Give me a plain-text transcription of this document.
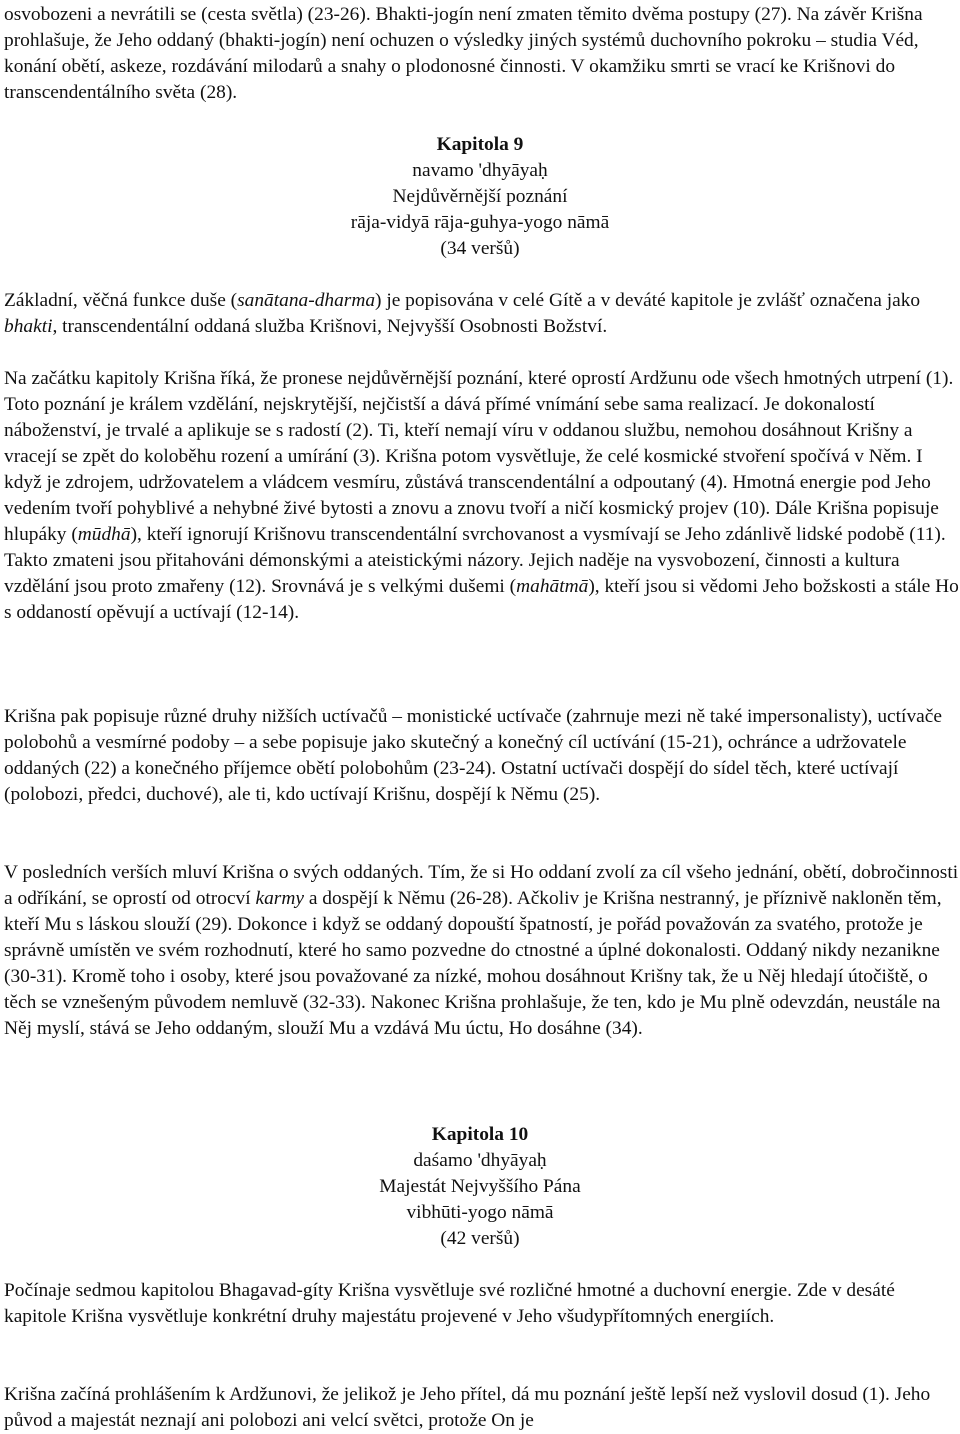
osvobozeni a nevrátili se (cesta světla) (23-26). Bhakti-jogín není zmaten těmito dvěma postupy (27). Na závěr Krišna prohlašuje, že Jeho oddaný (bhakti-jogín) není ochuzen o výsledky jiných systémů duchovního pokroku – studia Véd, konání obětí, askeze, rozdávání milodarů a snahy o plodonosné činnosti. V okamžiku smrti se vrací ke Krišnovi do transcendentálního světa (28).

Kapitola 9
navamo 'dhyāyaḥ
Nejdůvěrnější poznání
rāja-vidyā rāja-guhya-yogo nāmā
(34 veršů)

Základní, věčná funkce duše (sanātana-dharma) je popisována v celé Gítě a v deváté kapitole je zvlášť označena jako bhakti, transcendentální oddaná služba Krišnovi, Nejvyšší Osobnosti Božství.

Na začátku kapitoly Krišna říká, že pronese nejdůvěrnější poznání, které oprostí Ardžunu ode všech hmotných utrpení (1). Toto poznání je králem vzdělání, nejskrytější, nejčistší a dává přímé vnímání sebe sama realizací. Je dokonalostí náboženství, je trvalé a aplikuje se s radostí (2). Ti, kteří nemají víru v oddanou službu, nemohou dosáhnout Krišny a vracejí se zpět do koloběhu rození a umírání (3). Krišna potom vysvětluje, že celé kosmické stvoření spočívá v Něm. I když je zdrojem, udržovatelem a vládcem vesmíru, zůstává transcendentální a odpoutaný (4). Hmotná energie pod Jeho vedením tvoří pohyblivé a nehybné živé bytosti a znovu a znovu tvoří a ničí kosmický projev (10). Dále Krišna popisuje hlupáky (mūdhā), kteří ignorují Krišnovu transcendentální svrchovanost a vysmívají se Jeho zdánlivě lidské podobě (11). Takto zmateni jsou přitahováni démonskými a ateistickými názory. Jejich naděje na vysvobození, činnosti a kultura vzdělání jsou proto zmařeny (12). Srovnává je s velkými dušemi (mahātmā), kteří jsou si vědomi Jeho božskosti a stále Ho s oddaností opěvují a uctívají (12-14).

Krišna pak popisuje různé druhy nižších uctívačů – monistické uctívače (zahrnuje mezi ně také impersonalisty), uctívače polobohů a vesmírné podoby – a sebe popisuje jako skutečný a konečný cíl uctívání (15-21), ochránce a udržovatele oddaných (22) a konečného příjemce obětí polobohům (23-24). Ostatní uctívači dospějí do sídel těch, které uctívají (polobozi, předci, duchové), ale ti, kdo uctívají Krišnu, dospějí k Němu (25).

V posledních verších mluví Krišna o svých oddaných. Tím, že si Ho oddaní zvolí za cíl všeho jednání, obětí, dobročinnosti a odříkání, se oprostí od otrocví karmy a dospějí k Němu (26-28). Ačkoliv je Krišna nestranný, je příznivě nakloněn těm, kteří Mu s láskou slouží (29). Dokonce i když se oddaný dopouští špatností, je pořád považován za svatého, protože je správně umístěn ve svém rozhodnutí, které ho samo pozvedne do ctnostné a úplné dokonalosti. Oddaný nikdy nezanikne (30-31). Kromě toho i osoby, které jsou považované za nízké, mohou dosáhnout Krišny tak, že u Něj hledají útočiště, o těch se vznešeným původem nemluvě (32-33). Nakonec Krišna prohlašuje, že ten, kdo je Mu plně odevzdán, neustále na Něj myslí, stává se Jeho oddaným, slouží Mu a vzdává Mu úctu, Ho dosáhne (34).

Kapitola 10
daśamo 'dhyāyaḥ
Majestát Nejvyššího Pána
vibhūti-yogo nāmā
(42 veršů)

Počínaje sedmou kapitolou Bhagavad-gíty Krišna vysvětluje své rozličné hmotné a duchovní energie. Zde v desáté kapitole Krišna vysvětluje konkrétní druhy majestátu projevené v Jeho všudypřítomných energiích.

Krišna začíná prohlášením k Ardžunovi, že jelikož je Jeho přítel, dá mu poznání ještě lepší než vyslovil dosud (1). Jeho původ a majestát neznají ani polobozi ani velcí světci, protože On je
